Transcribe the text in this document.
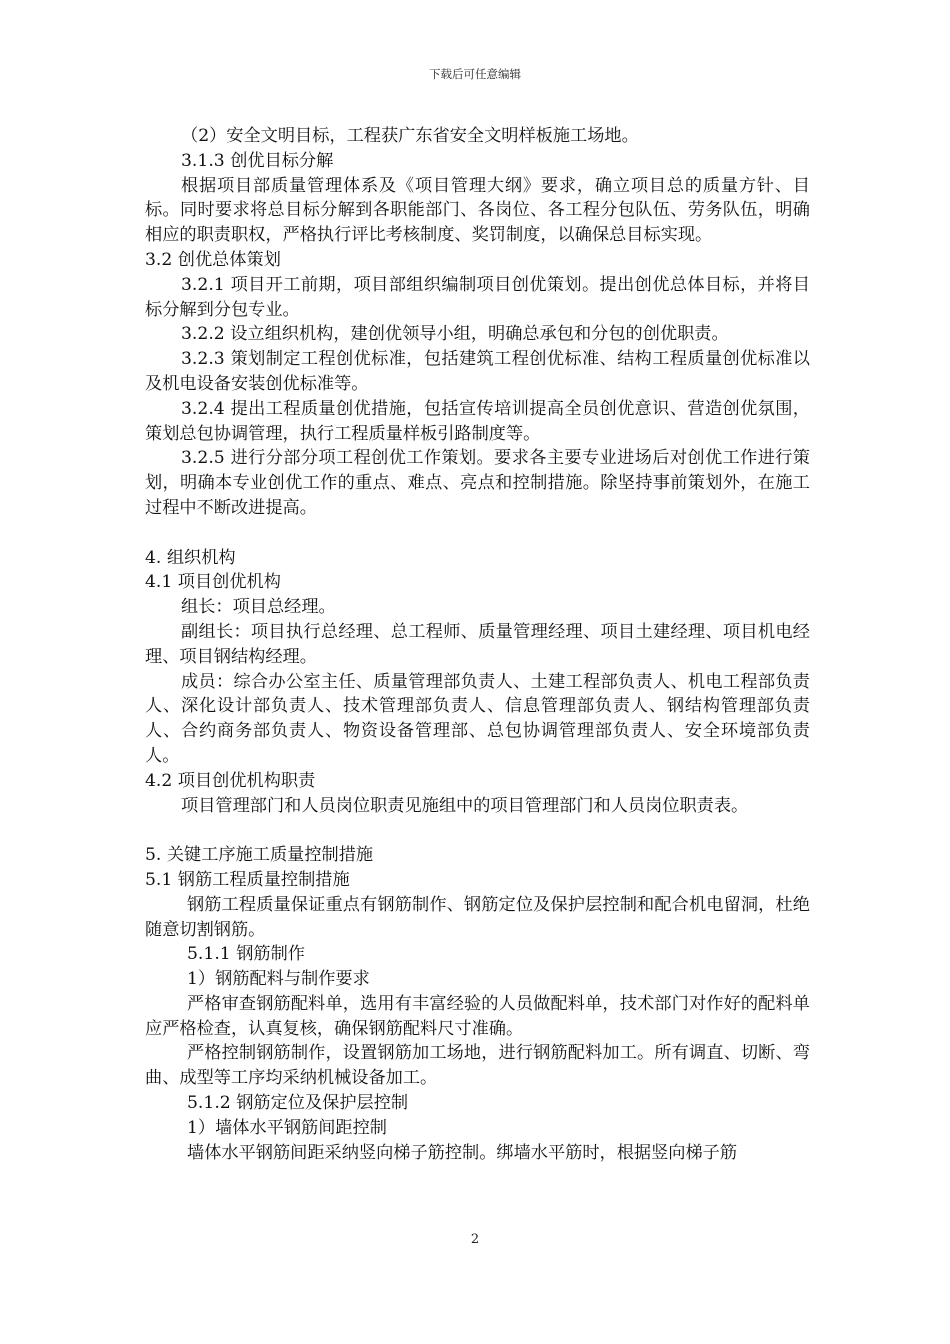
下载后可任意编辑

（2）安全文明目标，工程获广东省安全文明样板施工场地。

3.1.3 创优目标分解

根据项目部质量管理体系及《项目管理大纲》要求，确立项目总的质量方针、目标。同时要求将总目标分解到各职能部门、各岗位、各工程分包队伍、劳务队伍，明确相应的职责职权，严格执行评比考核制度、奖罚制度，以确保总目标实现。

3.2 创优总体策划

3.2.1 项目开工前期，项目部组织编制项目创优策划。提出创优总体目标，并将目标分解到分包专业。

3.2.2 设立组织机构，建创优领导小组，明确总承包和分包的创优职责。

3.2.3 策划制定工程创优标准，包括建筑工程创优标准、结构工程质量创优标准以及机电设备安装创优标准等。

3.2.4 提出工程质量创优措施，包括宣传培训提高全员创优意识、营造创优氛围，策划总包协调管理，执行工程质量样板引路制度等。

3.2.5 进行分部分项工程创优工作策划。要求各主要专业进场后对创优工作进行策划，明确本专业创优工作的重点、难点、亮点和控制措施。除坚持事前策划外，在施工过程中不断改进提高。

4. 组织机构

4.1 项目创优机构

组长：项目总经理。

副组长：项目执行总经理、总工程师、质量管理经理、项目土建经理、项目机电经理、项目钢结构经理。

成员：综合办公室主任、质量管理部负责人、土建工程部负责人、机电工程部负责人、深化设计部负责人、技术管理部负责人、信息管理部负责人、钢结构管理部负责人、合约商务部负责人、物资设备管理部、总包协调管理部负责人、安全环境部负责人。

4.2 项目创优机构职责

项目管理部门和人员岗位职责见施组中的项目管理部门和人员岗位职责表。

5. 关键工序施工质量控制措施

5.1 钢筋工程质量控制措施

钢筋工程质量保证重点有钢筋制作、钢筋定位及保护层控制和配合机电留洞，杜绝随意切割钢筋。

5.1.1 钢筋制作

1）钢筋配料与制作要求

严格审查钢筋配料单，选用有丰富经验的人员做配料单，技术部门对作好的配料单应严格检查，认真复核，确保钢筋配料尺寸准确。

严格控制钢筋制作，设置钢筋加工场地，进行钢筋配料加工。所有调直、切断、弯曲、成型等工序均采纳机械设备加工。

5.1.2 钢筋定位及保护层控制

1）墙体水平钢筋间距控制

墙体水平钢筋间距采纳竖向梯子筋控制。绑墙水平筋时，根据竖向梯子筋

2
